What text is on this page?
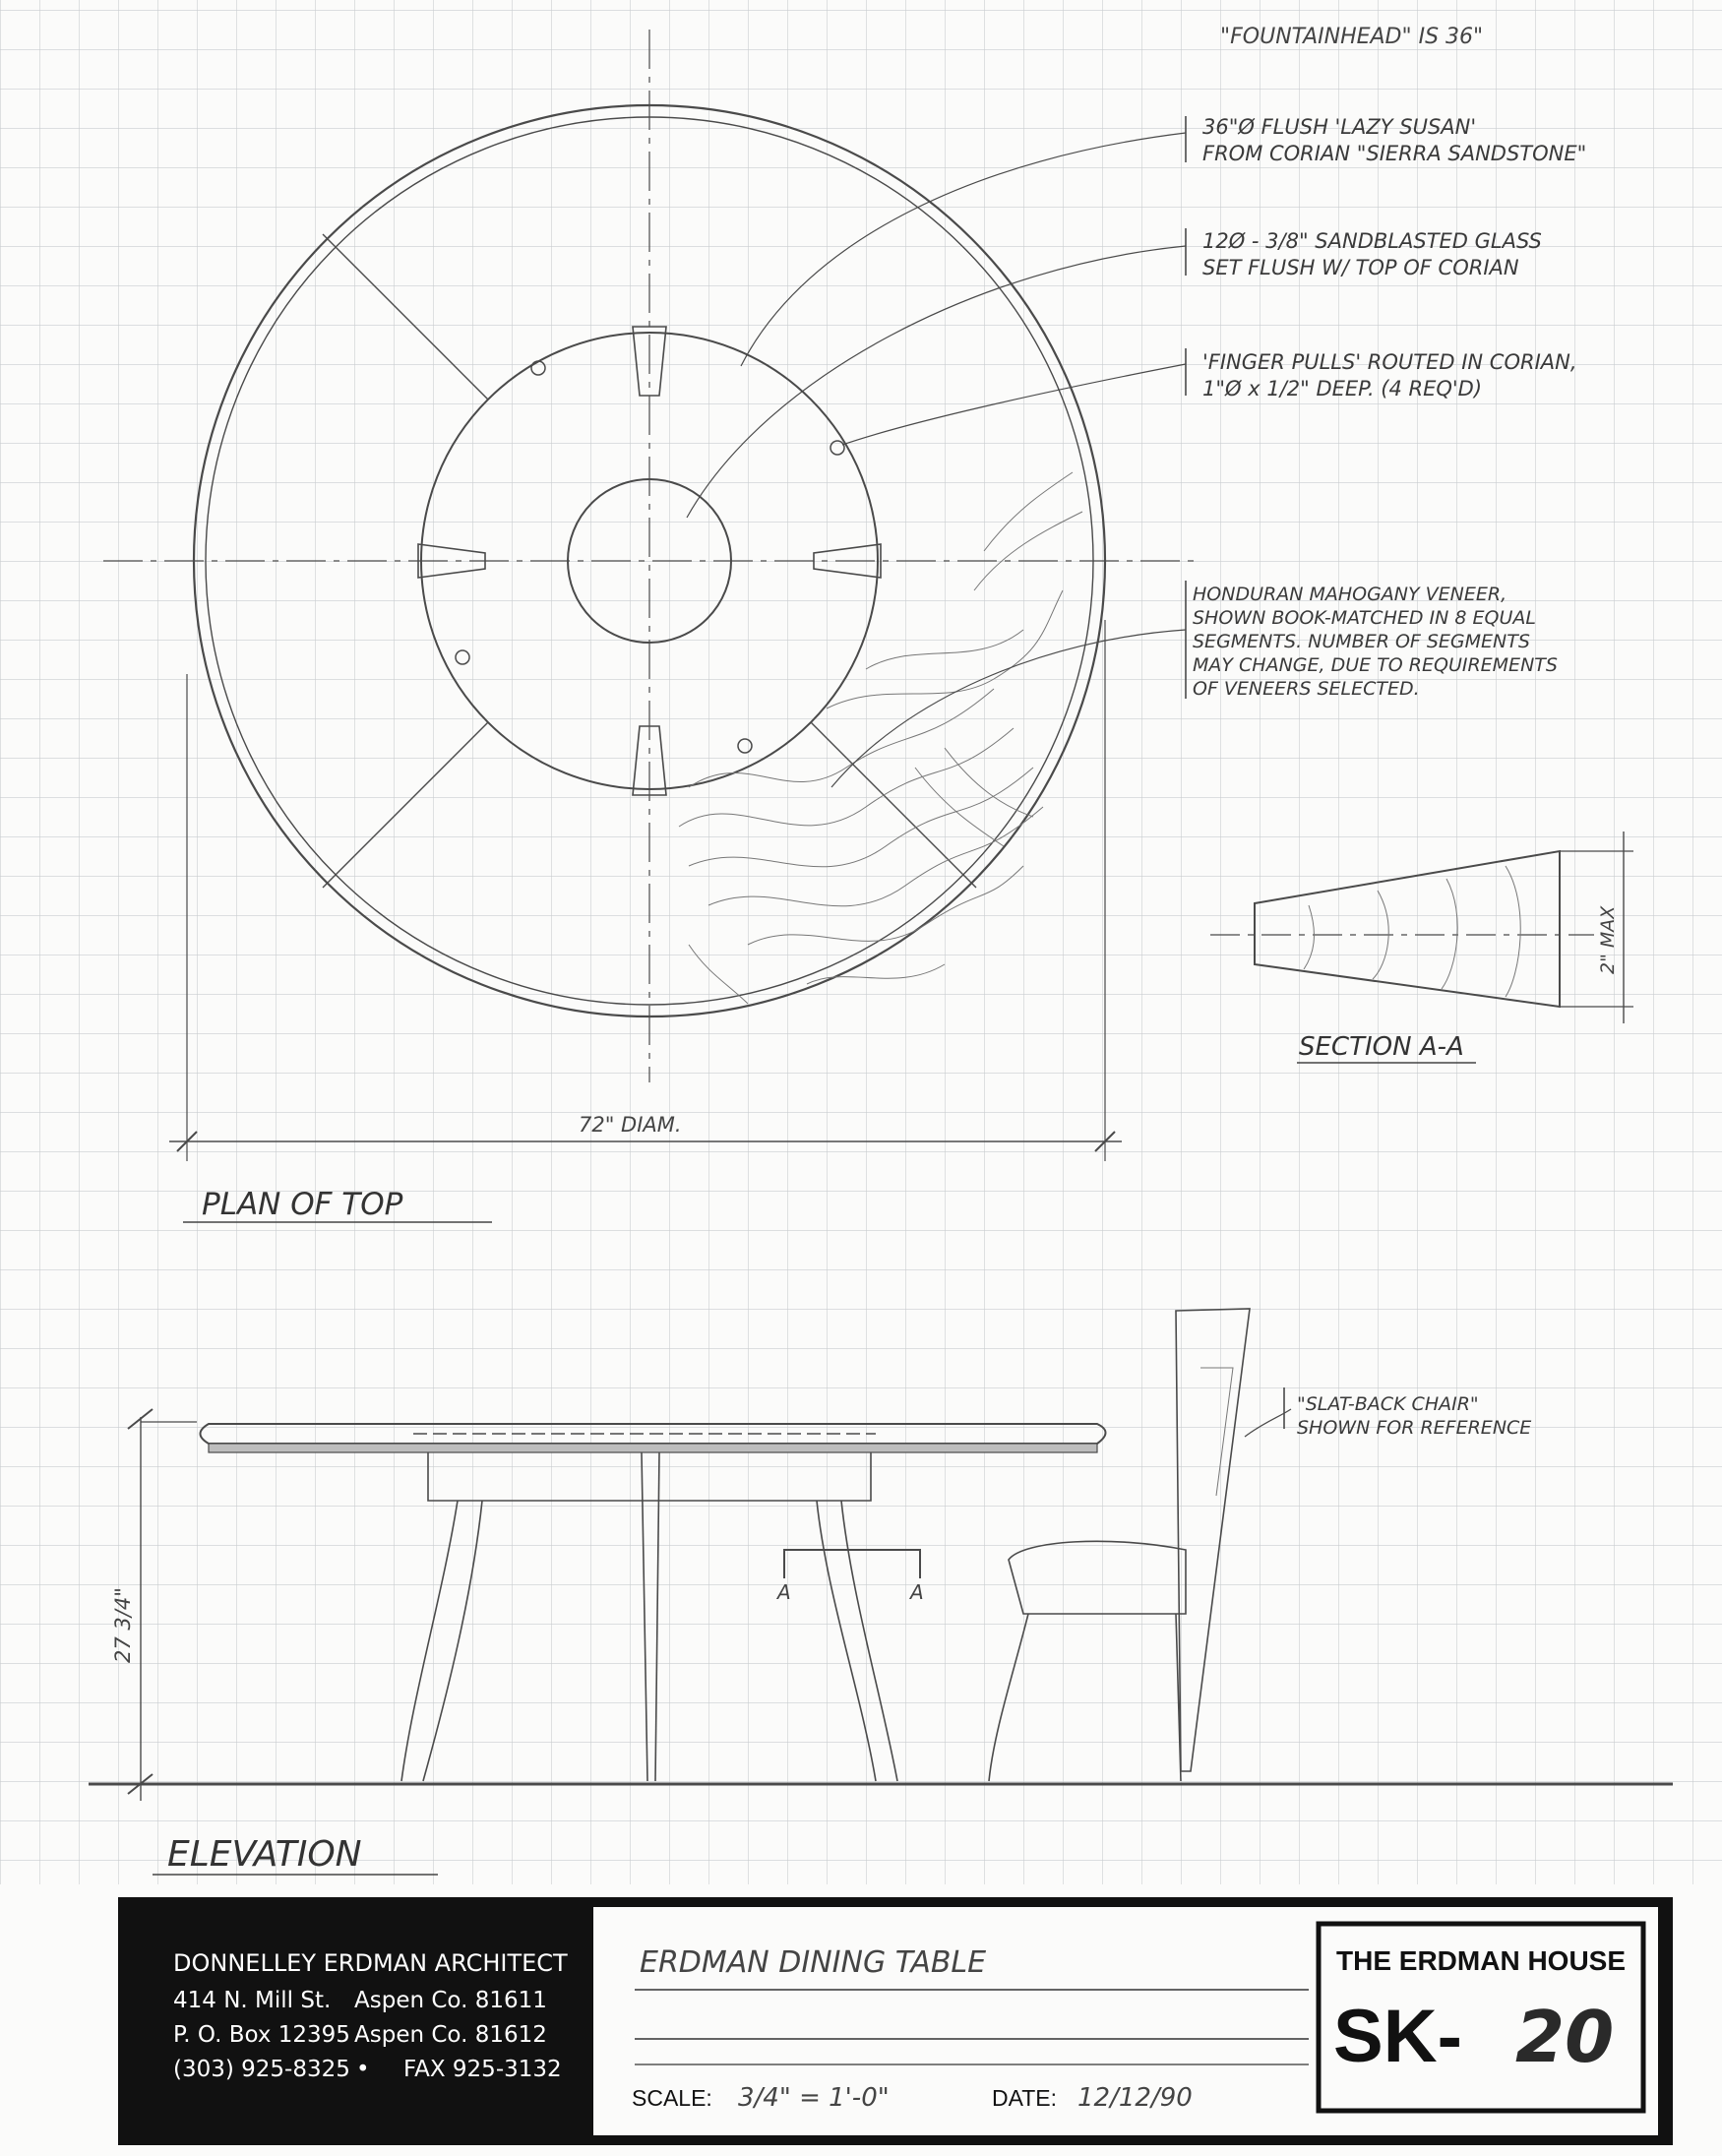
"FOUNTAINHEAD" IS 36"
72" DIAM.
PLAN OF TOP
36"Ø FLUSH 'LAZY SUSAN'
FROM CORIAN "SIERRA SANDSTONE"
12Ø - 3/8" SANDBLASTED GLASS
SET FLUSH W/ TOP OF CORIAN
'FINGER PULLS' ROUTED IN CORIAN,
1"Ø x 1/2" DEEP. (4 REQ'D)
HONDURAN MAHOGANY VENEER,
SHOWN BOOK-MATCHED IN 8 EQUAL
SEGMENTS. NUMBER OF SEGMENTS
MAY CHANGE, DUE TO REQUIREMENTS
OF VENEERS SELECTED.
2" MAX
SECTION A-A
A	A
27 3/4"
"SLAT-BACK CHAIR"
SHOWN FOR REFERENCE
ELEVATION
DONNELLEY ERDMAN ARCHITECT
414 N. Mill St. Aspen Co. 81611
P. O. Box 12395 Aspen Co. 81612
(303) 925-8325 • FAX 925-3132
ERDMAN DINING TABLE
SCALE: 3/4" = 1'-0"	DATE: 12/12/90
THE ERDMAN HOUSE
SK- 20
